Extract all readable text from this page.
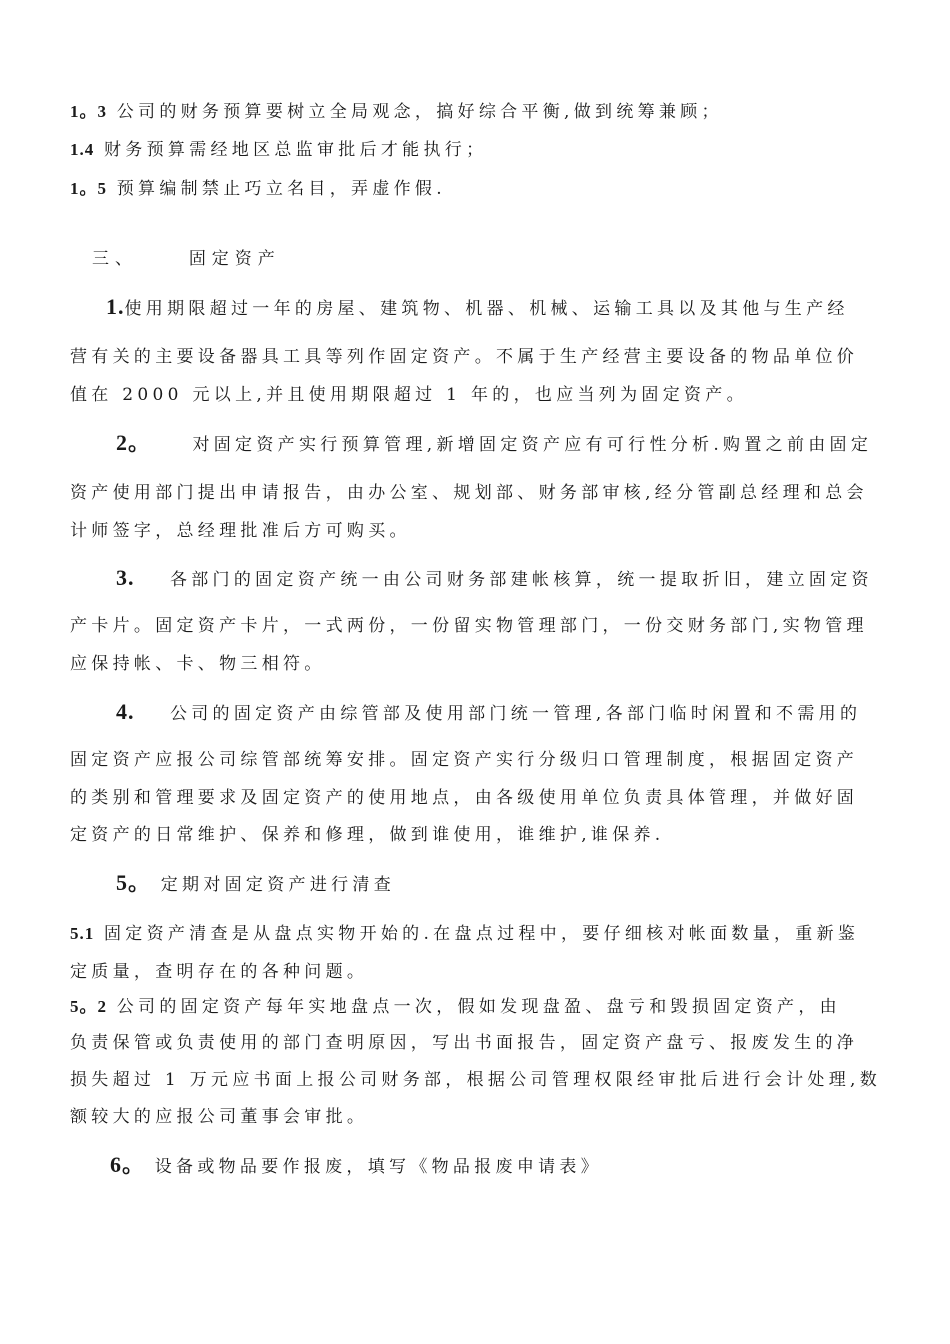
1。3 公司的财务预算要树立全局观念，搞好综合平衡,做到统筹兼顾；
1.4 财务预算需经地区总监审批后才能执行；
1。5 预算编制禁止巧立名目，弄虚作假.
三、	固定资产
1.使用期限超过一年的房屋、建筑物、机器、机械、运输工具以及其他与生产经
营有关的主要设备器具工具等列作固定资产。不属于生产经营主要设备的物品单位价
值在 2000 元以上,并且使用期限超过 1 年的，也应当列为固定资产。
2。 对固定资产实行预算管理,新增固定资产应有可行性分析.购置之前由固定
资产使用部门提出申请报告，由办公室、规划部、财务部审核,经分管副总经理和总会
计师签字，总经理批准后方可购买。
3. 各部门的固定资产统一由公司财务部建帐核算，统一提取折旧，建立固定资
产卡片。固定资产卡片，一式两份，一份留实物管理部门，一份交财务部门,实物管理
应保持帐、卡、物三相符。
4. 公司的固定资产由综管部及使用部门统一管理,各部门临时闲置和不需用的
固定资产应报公司综管部统筹安排。固定资产实行分级归口管理制度，根据固定资产
的类别和管理要求及固定资产的使用地点，由各级使用单位负责具体管理，并做好固
定资产的日常维护、保养和修理，做到谁使用，谁维护,谁保养.
5。 定期对固定资产进行清查
5.1 固定资产清查是从盘点实物开始的.在盘点过程中，要仔细核对帐面数量，重新鉴
定质量，查明存在的各种问题。
5。2 公司的固定资产每年实地盘点一次，假如发现盘盈、盘亏和毁损固定资产，由
负责保管或负责使用的部门查明原因，写出书面报告，固定资产盘亏、报废发生的净
损失超过 1 万元应书面上报公司财务部，根据公司管理权限经审批后进行会计处理,数
额较大的应报公司董事会审批。
6。 设备或物品要作报废，填写《物品报废申请表》
